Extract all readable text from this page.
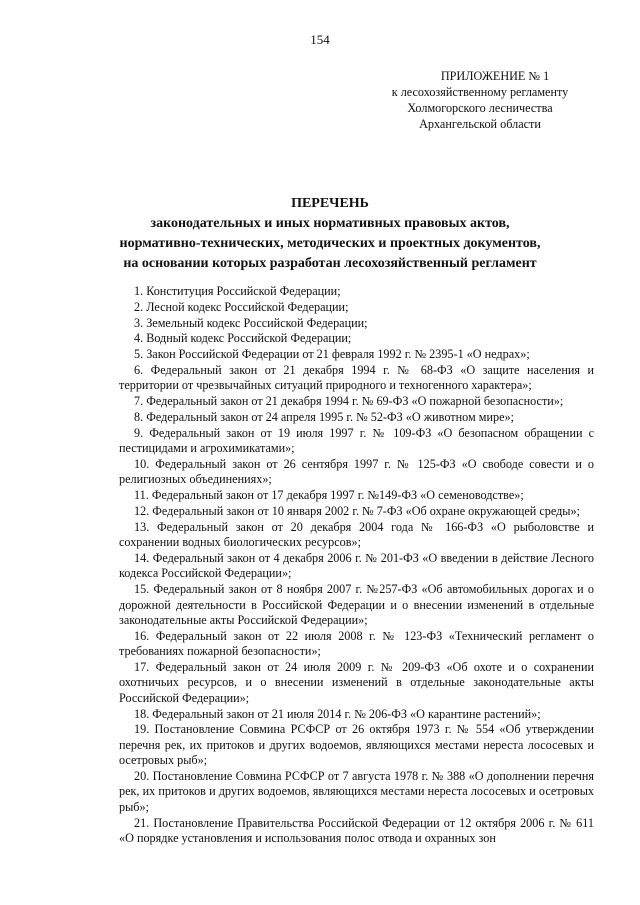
154
ПРИЛОЖЕНИЕ № 1
к лесохозяйственному регламенту
Холмогорского лесничества
Архангельской области
ПЕРЕЧЕНЬ
законодательных и иных нормативных правовых актов,
нормативно-технических, методических и проектных документов,
на основании которых разработан лесохозяйственный регламент
1. Конституция Российской Федерации;
2. Лесной кодекс Российской Федерации;
3. Земельный кодекс Российской Федерации;
4. Водный кодекс Российской Федерации;
5. Закон Российской Федерации от 21 февраля 1992 г. № 2395-1 «О недрах»;
6. Федеральный закон от 21 декабря 1994 г. № 68-ФЗ «О защите населения и территории от чрезвычайных ситуаций природного и техногенного характера»;
7. Федеральный закон от 21 декабря 1994 г. № 69-ФЗ «О пожарной безопасности»;
8. Федеральный закон от 24 апреля 1995 г. № 52-ФЗ «О животном мире»;
9. Федеральный закон от 19 июля 1997 г. № 109-ФЗ «О безопасном обращении с пестицидами и агрохимикатами»;
10. Федеральный закон от 26 сентября 1997 г. № 125-ФЗ «О свободе совести и о религиозных объединениях»;
11. Федеральный закон от 17 декабря 1997 г. №149-ФЗ «О семеноводстве»;
12. Федеральный закон от 10 января 2002 г. № 7-ФЗ «Об охране окружающей среды»;
13. Федеральный закон от 20 декабря 2004 года № 166-ФЗ «О рыболовстве и сохранении водных биологических ресурсов»;
14. Федеральный закон от 4 декабря 2006 г. № 201-ФЗ «О введении в действие Лесного кодекса Российской Федерации»;
15. Федеральный закон от 8 ноября 2007 г. №257-ФЗ «Об автомобильных дорогах и о дорожной деятельности в Российской Федерации и о внесении изменений в отдельные законодательные акты Российской Федерации»;
16. Федеральный закон от 22 июля 2008 г. № 123-ФЗ «Технический регламент о требованиях пожарной безопасности»;
17. Федеральный закон от 24 июля 2009 г. № 209-ФЗ «Об охоте и о сохранении охотничьих ресурсов, и о внесении изменений в отдельные законодательные акты Российской Федерации»;
18. Федеральный закон от 21 июля 2014 г. № 206-ФЗ «О карантине растений»;
19. Постановление Совмина РСФСР от 26 октября 1973 г. № 554 «Об утверждении перечня рек, их притоков и других водоемов, являющихся местами нереста лососевых и осетровых рыб»;
20. Постановление Совмина РСФСР от 7 августа 1978 г. № 388 «О дополнении перечня рек, их притоков и других водоемов, являющихся местами нереста лососевых и осетровых рыб»;
21. Постановление Правительства Российской Федерации от 12 октября 2006 г. № 611 «О порядке установления и использования полос отвода и охранных зон
